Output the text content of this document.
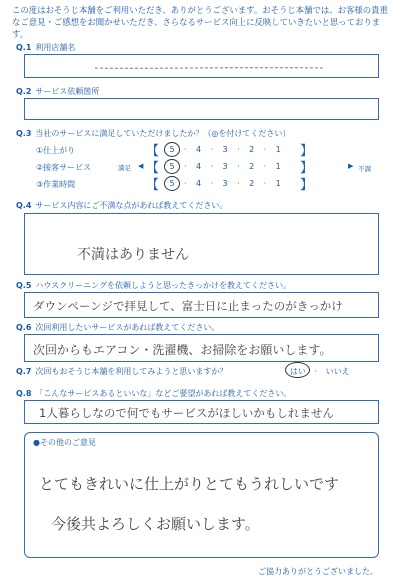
この度はおそうじ本舗をご利用いただき、ありがとうございます。おそうじ本舗では、お客様の貴重なご意見・ご感想をお聞かせいただき、さらなるサービス向上に反映していきたいと思っております。
Q.1 利用店舗名
Q.2 サービス依頼箇所
Q.3 当社のサービスに満足していただけましたか？（◎を付けてください）
①仕上がり
②接客サービス
③作業時間
満足	不満
▶
◀
【
【
【
】
】
】
5 · 4 · 3 · 2 · 1
5 · 4 · 3 · 2 · 1
5 · 4 · 3 · 2 · 1
Q.4 サービス内容にご不満な点があれば教えてください。
不満はありません
Q.5 ハウスクリーニングを依頼しようと思ったきっかけを教えてください。
ダウンペーンジで拝見して、富士日に止まったのがきっかけ
Q.6 次回利用したいサービスがあれば教えてください。
次回からもエアコン・洗濯機、お掃除をお願いします。
Q.7 次回もおそうじ本舗を利用してみようと思いますか？	はい · いいえ
Q.8 「こんなサービスあるといいな」などご要望があれば教えてください。
1人暮らしなので何でもサービスがほしいかもしれません
●その他のご意見
とてもきれいに仕上がりとてもうれしいです
今後共よろしくお願いします。
ご協力ありがとうございました。
